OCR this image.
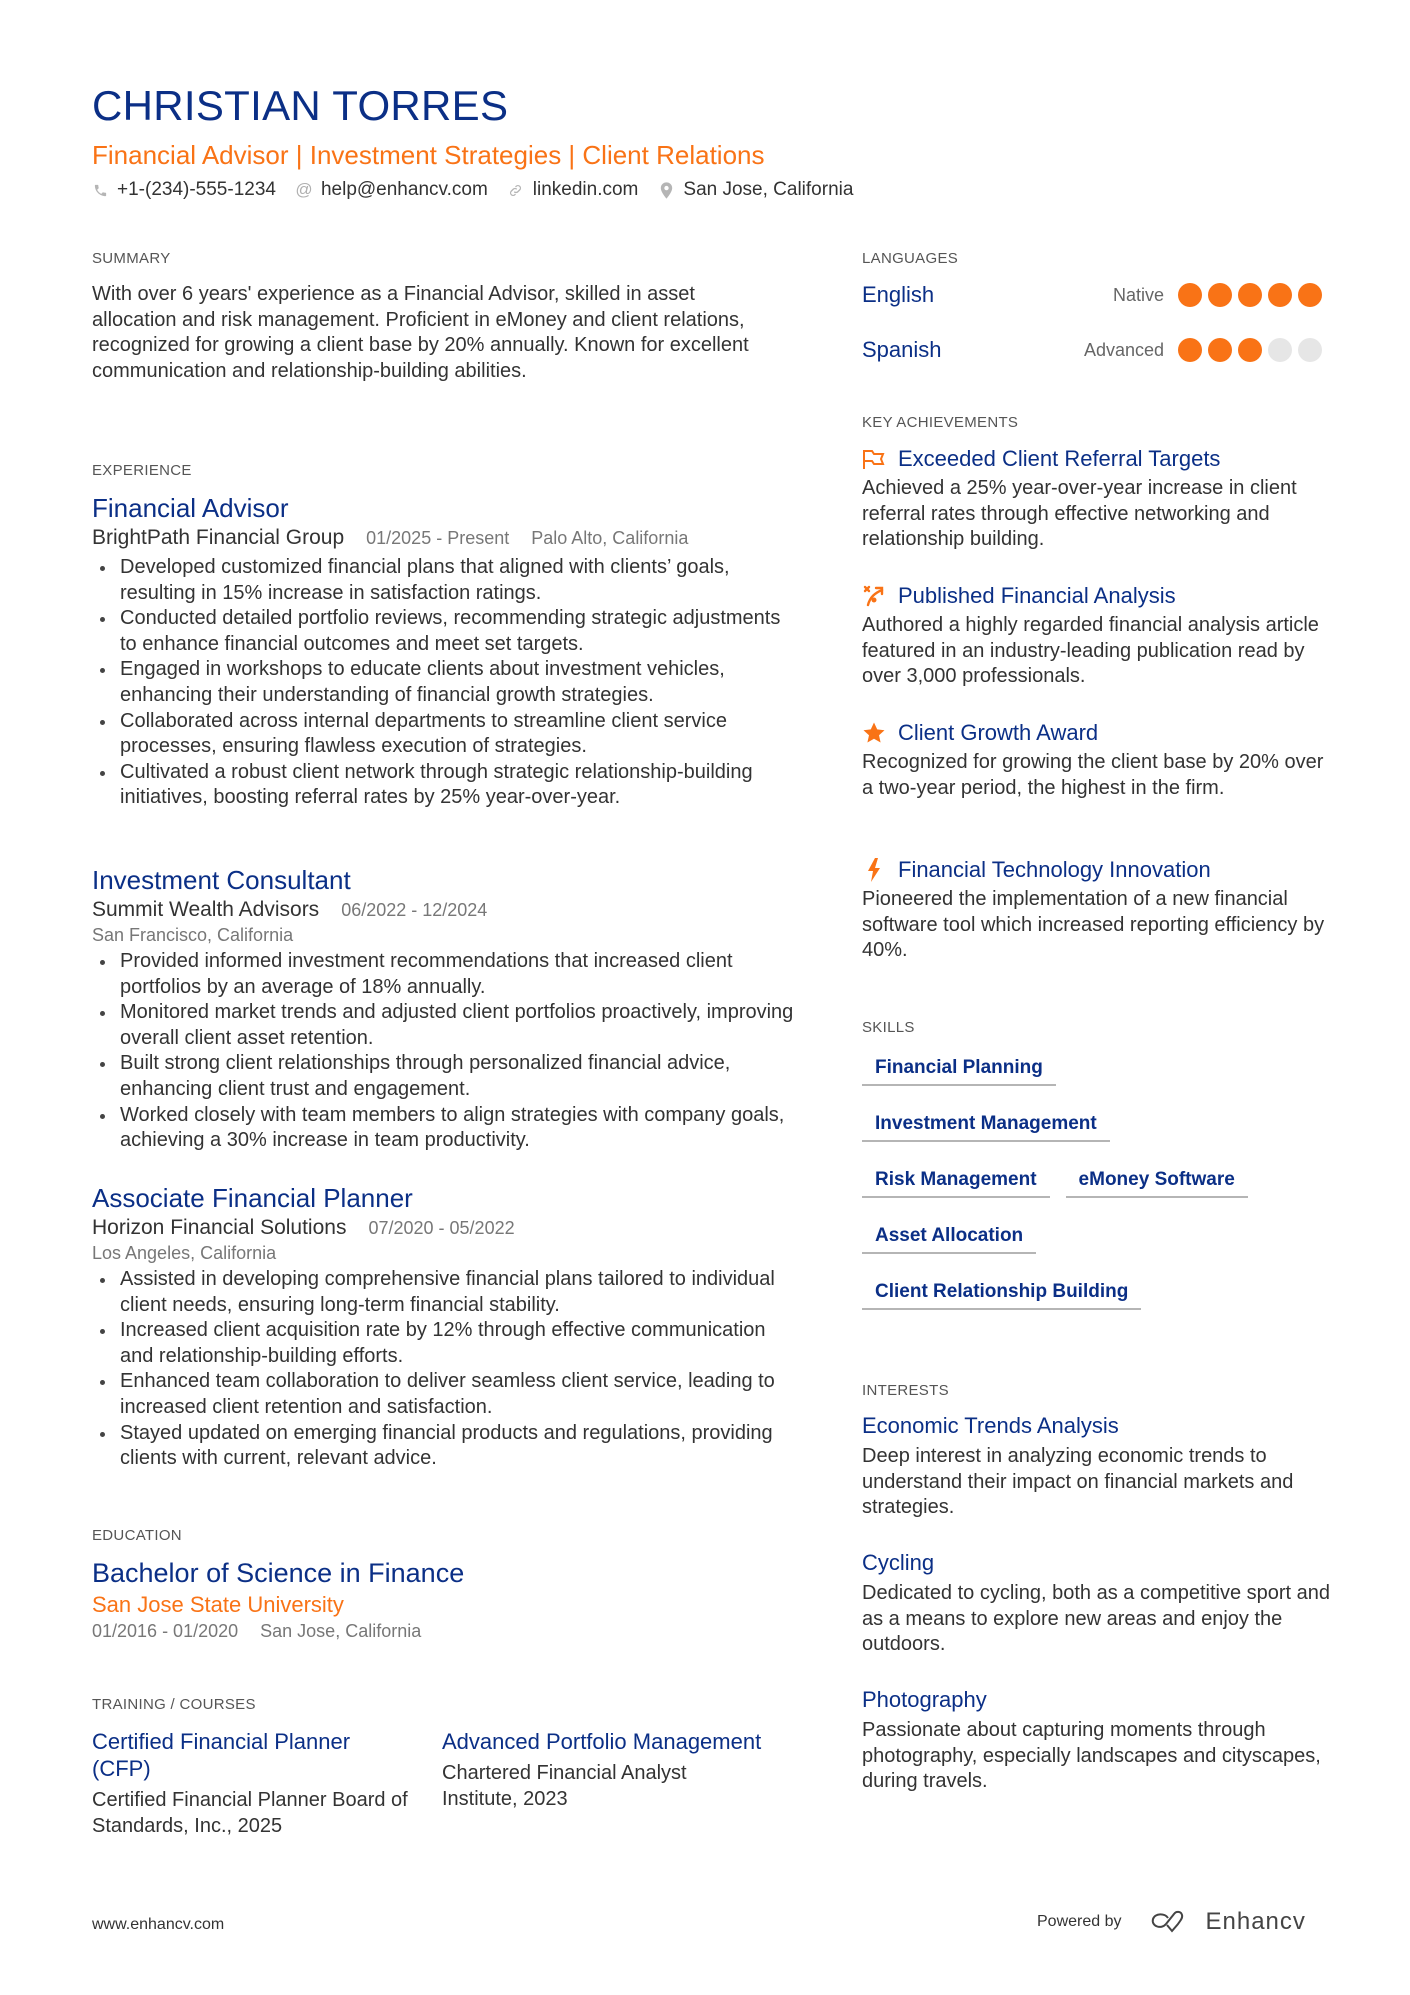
CHRISTIAN TORRES
Financial Advisor | Investment Strategies | Client Relations
+1-(234)-555-1234 @ help@enhancv.com linkedin.com San Jose, California
SUMMARY
With over 6 years' experience as a Financial Advisor, skilled in asset allocation and risk management. Proficient in eMoney and client relations, recognized for growing a client base by 20% annually. Known for excellent communication and relationship-building abilities.
EXPERIENCE
Financial Advisor
BrightPath Financial Group 01/2025 - Present Palo Alto, California
Developed customized financial plans that aligned with clients’ goals, resulting in 15% increase in satisfaction ratings.
Conducted detailed portfolio reviews, recommending strategic adjustments to enhance financial outcomes and meet set targets.
Engaged in workshops to educate clients about investment vehicles, enhancing their understanding of financial growth strategies.
Collaborated across internal departments to streamline client service processes, ensuring flawless execution of strategies.
Cultivated a robust client network through strategic relationship-building initiatives, boosting referral rates by 25% year-over-year.
Investment Consultant
Summit Wealth Advisors 06/2022 - 12/2024
San Francisco, California
Provided informed investment recommendations that increased client portfolios by an average of 18% annually.
Monitored market trends and adjusted client portfolios proactively, improving overall client asset retention.
Built strong client relationships through personalized financial advice, enhancing client trust and engagement.
Worked closely with team members to align strategies with company goals, achieving a 30% increase in team productivity.
Associate Financial Planner
Horizon Financial Solutions 07/2020 - 05/2022
Los Angeles, California
Assisted in developing comprehensive financial plans tailored to individual client needs, ensuring long-term financial stability.
Increased client acquisition rate by 12% through effective communication and relationship-building efforts.
Enhanced team collaboration to deliver seamless client service, leading to increased client retention and satisfaction.
Stayed updated on emerging financial products and regulations, providing clients with current, relevant advice.
EDUCATION
Bachelor of Science in Finance
San Jose State University
01/2016 - 01/2020 San Jose, California
TRAINING / COURSES
Certified Financial Planner (CFP)
Certified Financial Planner Board of Standards, Inc., 2025
Advanced Portfolio Management
Chartered Financial Analyst Institute, 2023
LANGUAGES
English	Native
Spanish	Advanced
KEY ACHIEVEMENTS
Exceeded Client Referral Targets
Achieved a 25% year-over-year increase in client referral rates through effective networking and relationship building.
Published Financial Analysis
Authored a highly regarded financial analysis article featured in an industry-leading publication read by over 3,000 professionals.
Client Growth Award
Recognized for growing the client base by 20% over a two-year period, the highest in the firm.
Financial Technology Innovation
Pioneered the implementation of a new financial software tool which increased reporting efficiency by 40%.
SKILLS
Financial Planning
Investment Management
Risk Management	eMoney Software
Asset Allocation
Client Relationship Building
INTERESTS
Economic Trends Analysis
Deep interest in analyzing economic trends to understand their impact on financial markets and strategies.
Cycling
Dedicated to cycling, both as a competitive sport and as a means to explore new areas and enjoy the outdoors.
Photography
Passionate about capturing moments through photography, especially landscapes and cityscapes, during travels.
www.enhancv.com	Powered by	Enhancv
